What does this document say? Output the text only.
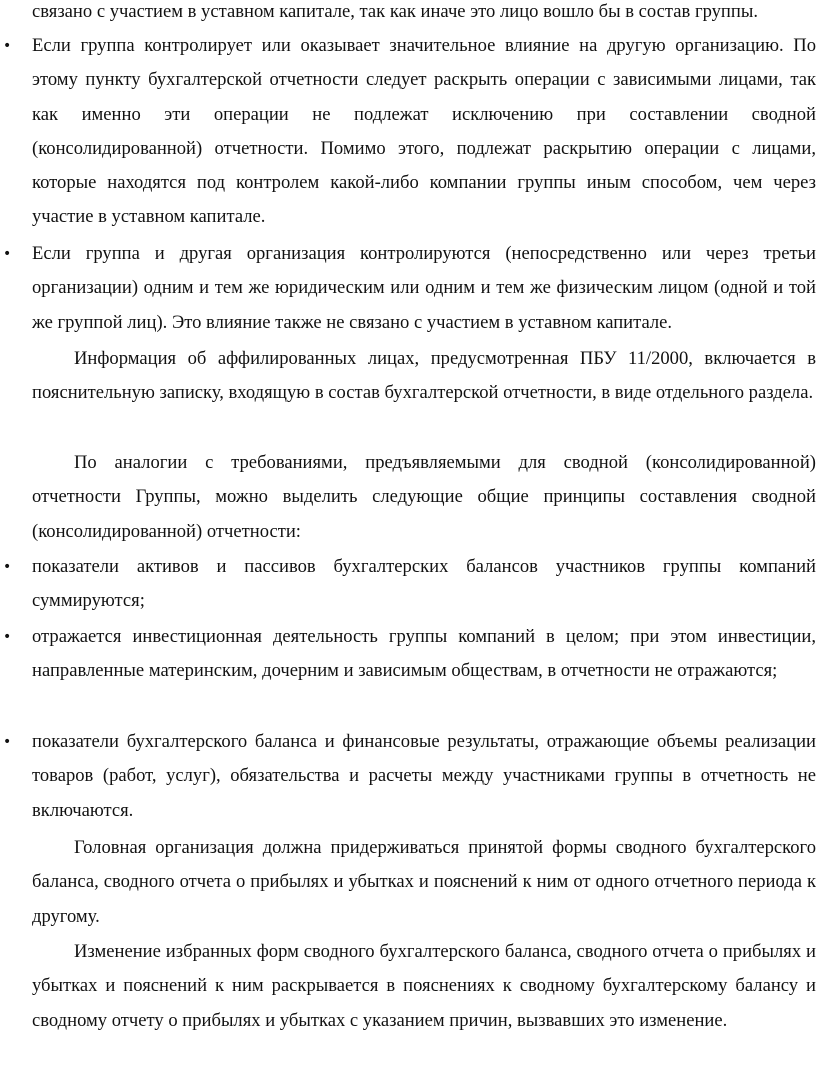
связано с участием в уставном капитале, так как иначе это лицо вошло бы в состав группы.

• Если группа контролирует или оказывает значительное влияние на другую организацию. По этому пункту бухгалтерской отчетности следует раскрыть операции с зависимыми лицами, так как именно эти операции не подлежат исключению при составлении сводной (консолидированной) отчетности. Помимо этого, подлежат раскрытию операции с лицами, которые находятся под контролем какой-либо компании группы иным способом, чем через участие в уставном капитале.

• Если группа и другая организация контролируются (непосредственно или через третьи организации) одним и тем же юридическим или одним и тем же физическим лицом (одной и той же группой лиц). Это влияние также не связано с участием в уставном капитале.

Информация об аффилированных лицах, предусмотренная ПБУ 11/2000, включается в пояснительную записку, входящую в состав бухгалтерской отчетности, в виде отдельного раздела.

По аналогии с требованиями, предъявляемыми для сводной (консолидированной) отчетности Группы, можно выделить следующие общие принципы составления сводной (консолидированной) отчетности:

• показатели активов и пассивов бухгалтерских балансов участников группы компаний суммируются;

• отражается инвестиционная деятельность группы компаний в целом; при этом инвестиции, направленные материнским, дочерним и зависимым обществам, в отчетности не отражаются;

• показатели бухгалтерского баланса и финансовые результаты, отражающие объемы реализации товаров (работ, услуг), обязательства и расчеты между участниками группы в отчетность не включаются.

Головная организация должна придерживаться принятой формы сводного бухгалтерского баланса, сводного отчета о прибылях и убытках и пояснений к ним от одного отчетного периода к другому.

Изменение избранных форм сводного бухгалтерского баланса, сводного отчета о прибылях и убытках и пояснений к ним раскрывается в пояснениях к сводному бухгалтерскому балансу и сводному отчету о прибылях и убытках с указанием причин, вызвавших это изменение.
